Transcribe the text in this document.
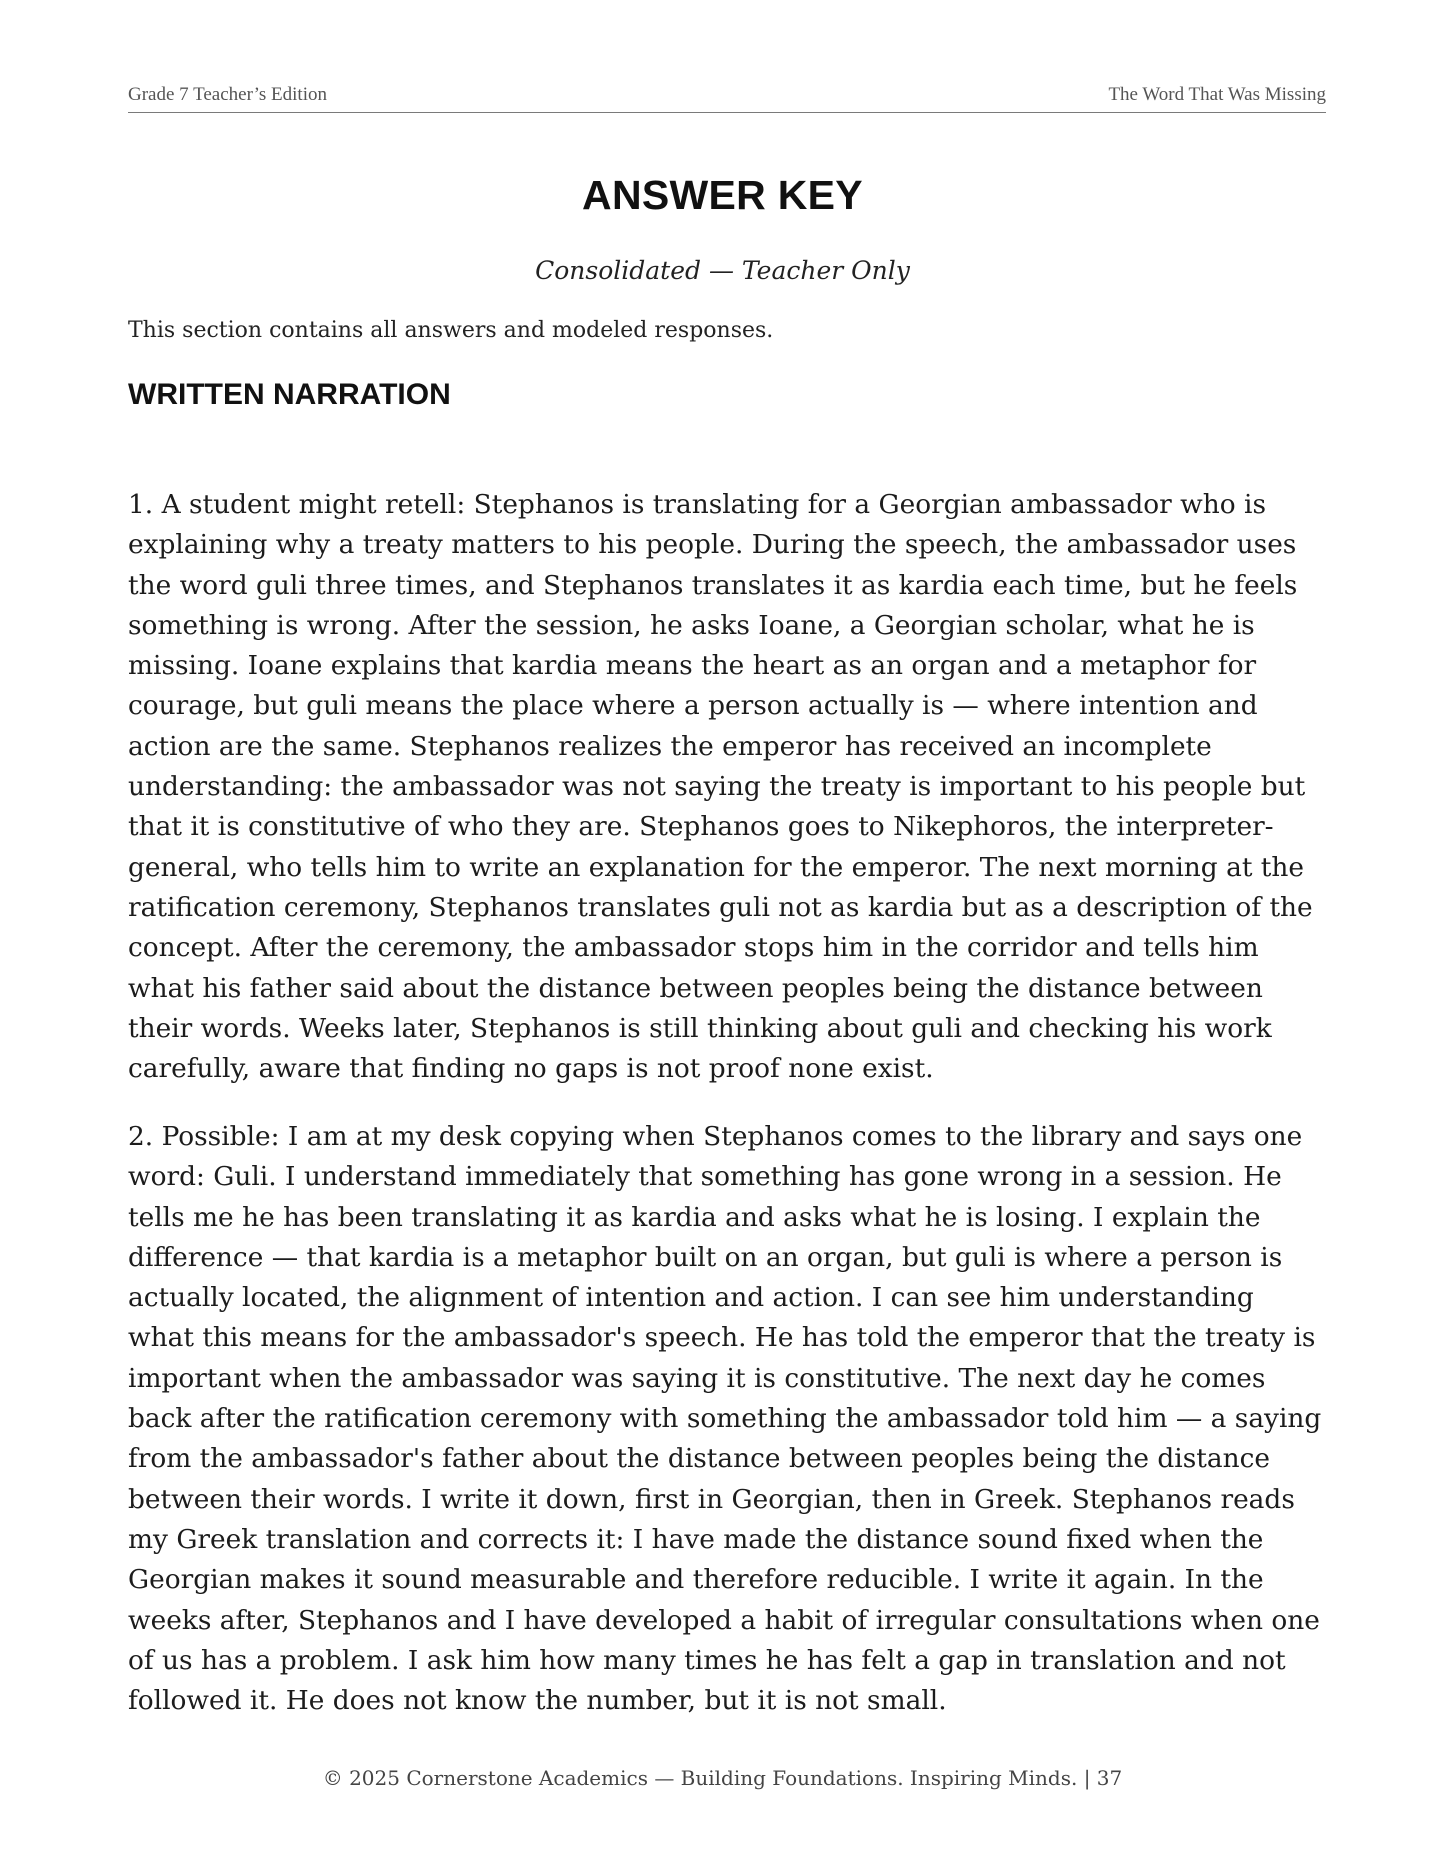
Grade 7 Teacher’s Edition	The Word That Was Missing
ANSWER KEY
Consolidated — Teacher Only
This section contains all answers and modeled responses.
WRITTEN NARRATION

1. A student might retell: Stephanos is translating for a Georgian ambassador who is explaining why a treaty matters to his people. During the speech, the ambassador uses the word guli three times, and Stephanos translates it as kardia each time, but he feels something is wrong. After the session, he asks Ioane, a Georgian scholar, what he is missing. Ioane explains that kardia means the heart as an organ and a metaphor for courage, but guli means the place where a person actually is — where intention and action are the same. Stephanos realizes the emperor has received an incomplete understanding: the ambassador was not saying the treaty is important to his people but that it is constitutive of who they are. Stephanos goes to Nikephoros, the interpreter-general, who tells him to write an explanation for the emperor. The next morning at the ratification ceremony, Stephanos translates guli not as kardia but as a description of the concept. After the ceremony, the ambassador stops him in the corridor and tells him what his father said about the distance between peoples being the distance between their words. Weeks later, Stephanos is still thinking about guli and checking his work carefully, aware that finding no gaps is not proof none exist.

2. Possible: I am at my desk copying when Stephanos comes to the library and says one word: Guli. I understand immediately that something has gone wrong in a session. He tells me he has been translating it as kardia and asks what he is losing. I explain the difference — that kardia is a metaphor built on an organ, but guli is where a person is actually located, the alignment of intention and action. I can see him understanding what this means for the ambassador's speech. He has told the emperor that the treaty is important when the ambassador was saying it is constitutive. The next day he comes back after the ratification ceremony with something the ambassador told him — a saying from the ambassador's father about the distance between peoples being the distance between their words. I write it down, first in Georgian, then in Greek. Stephanos reads my Greek translation and corrects it: I have made the distance sound fixed when the Georgian makes it sound measurable and therefore reducible. I write it again. In the weeks after, Stephanos and I have developed a habit of irregular consultations when one of us has a problem. I ask him how many times he has felt a gap in translation and not followed it. He does not know the number, but it is not small.

© 2025 Cornerstone Academics — Building Foundations. Inspiring Minds. | 37
